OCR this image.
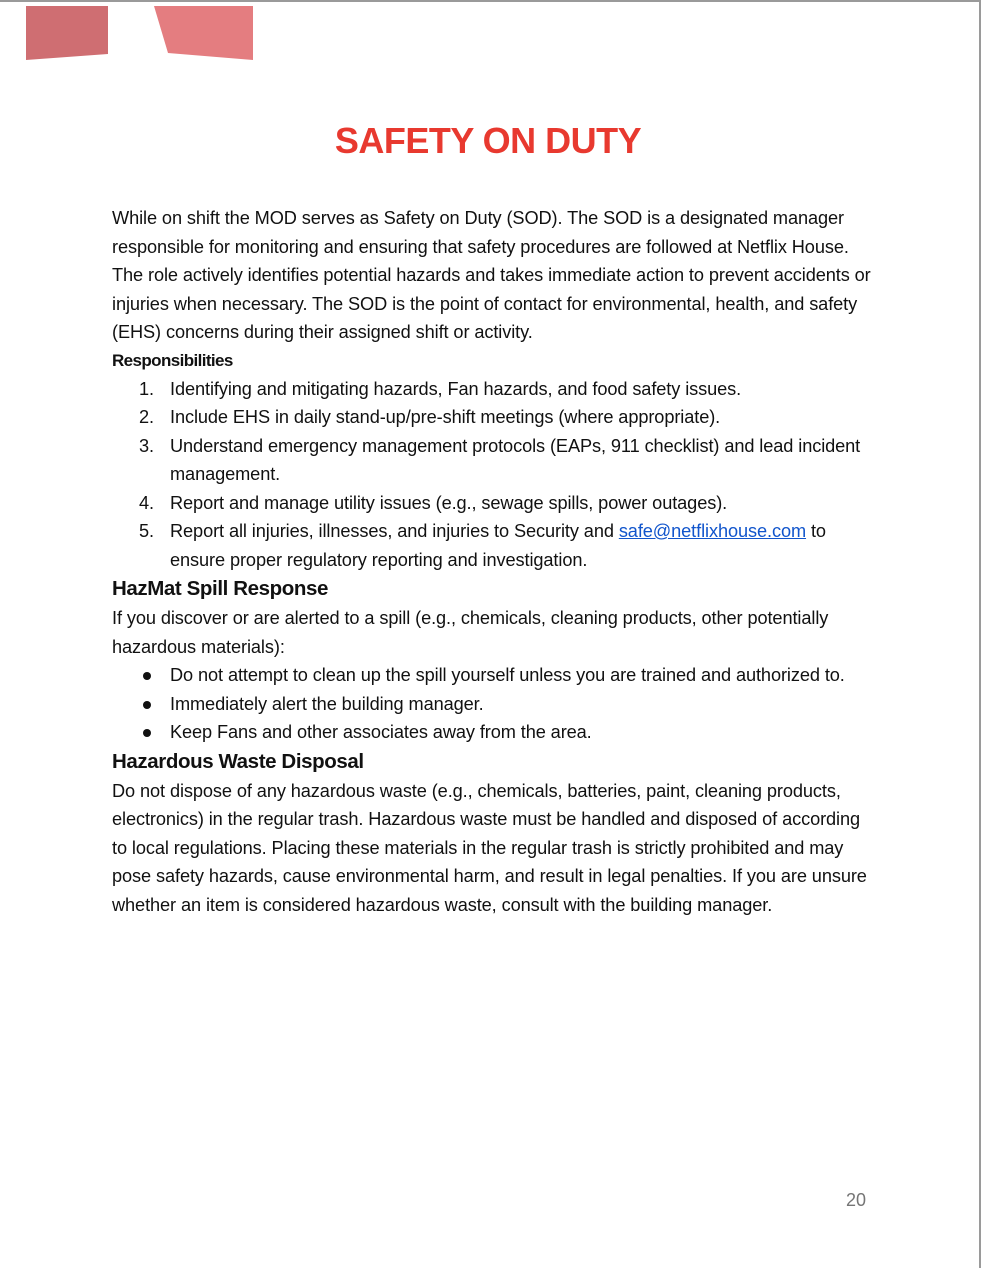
SAFETY ON DUTY

While on shift the MOD serves as Safety on Duty (SOD). The SOD is a designated manager responsible for monitoring and ensuring that safety procedures are followed at Netflix House. The role actively identifies potential hazards and takes immediate action to prevent accidents or injuries when necessary. The SOD is the point of contact for environmental, health, and safety (EHS) concerns during their assigned shift or activity.

Responsibilities

1. Identifying and mitigating hazards, Fan hazards, and food safety issues.
2. Include EHS in daily stand-up/pre-shift meetings (where appropriate).
3. Understand emergency management protocols (EAPs, 911 checklist) and lead incident management.
4. Report and manage utility issues (e.g., sewage spills, power outages).
5. Report all injuries, illnesses, and injuries to Security and safe@netflixhouse.com to ensure proper regulatory reporting and investigation.

HazMat Spill Response

If you discover or are alerted to a spill (e.g., chemicals, cleaning products, other potentially hazardous materials):

Do not attempt to clean up the spill yourself unless you are trained and authorized to.
Immediately alert the building manager.
Keep Fans and other associates away from the area.

Hazardous Waste Disposal

Do not dispose of any hazardous waste (e.g., chemicals, batteries, paint, cleaning products, electronics) in the regular trash. Hazardous waste must be handled and disposed of according to local regulations. Placing these materials in the regular trash is strictly prohibited and may pose safety hazards, cause environmental harm, and result in legal penalties. If you are unsure whether an item is considered hazardous waste, consult with the building manager.

20
